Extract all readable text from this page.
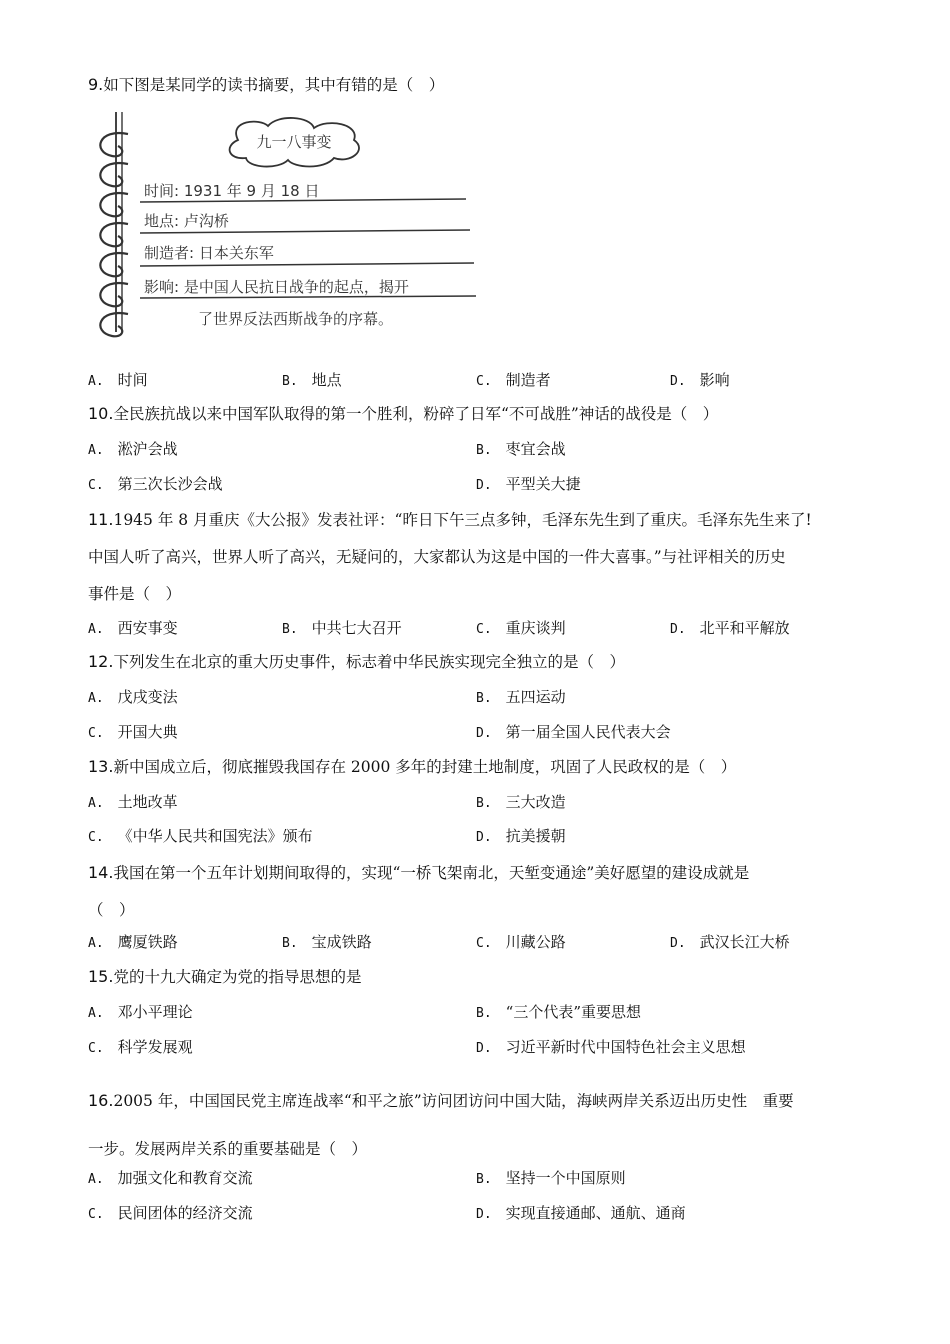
9.如下图是某同学的读书摘要，其中有错的是（　）
九一八事变
时间: 1931 年 9 月 18 日
地点: 卢沟桥
制造者: 日本关东军
影响: 是中国人民抗日战争的起点，揭开
了世界反法西斯战争的序幕。
A. 时间	B. 地点	C. 制造者	D. 影响
10.全民族抗战以来中国军队取得的第一个胜利，粉碎了日军“不可战胜”神话的战役是（　）
A. 淞沪会战	B. 枣宜会战
C. 第三次长沙会战	D. 平型关大捷
11.1945 年 8 月重庆《大公报》发表社评：“昨日下午三点多钟，毛泽东先生到了重庆。毛泽东先生来了!
中国人听了高兴，世界人听了高兴，无疑问的，大家都认为这是中国的一件大喜事。”与社评相关的历史
事件是（　）
A. 西安事变	B. 中共七大召开	C. 重庆谈判	D. 北平和平解放
12.下列发生在北京的重大历史事件，标志着中华民族实现完全独立的是（　）
A. 戊戌变法	B. 五四运动
C. 开国大典	D. 第一届全国人民代表大会
13.新中国成立后，彻底摧毁我国存在 2000 多年的封建土地制度，巩固了人民政权的是（　）
A. 土地改革	B. 三大改造
C. 《中华人民共和国宪法》颁布	D. 抗美援朝
14.我国在第一个五年计划期间取得的，实现“一桥飞架南北，天堑变通途”美好愿望的建设成就是
（　）
A. 鹰厦铁路	B. 宝成铁路	C. 川藏公路	D. 武汉长江大桥
15.党的十九大确定为党的指导思想的是
A. 邓小平理论	B. “三个代表”重要思想
C. 科学发展观	D. 习近平新时代中国特色社会主义思想
16.2005 年，中国国民党主席连战率“和平之旅”访问团访问中国大陆，海峡两岸关系迈出历史性　重要
一步。发展两岸关系的重要基础是（　）
A. 加强文化和教育交流	B. 坚持一个中国原则
C. 民间团体的经济交流	D. 实现直接通邮、通航、通商
